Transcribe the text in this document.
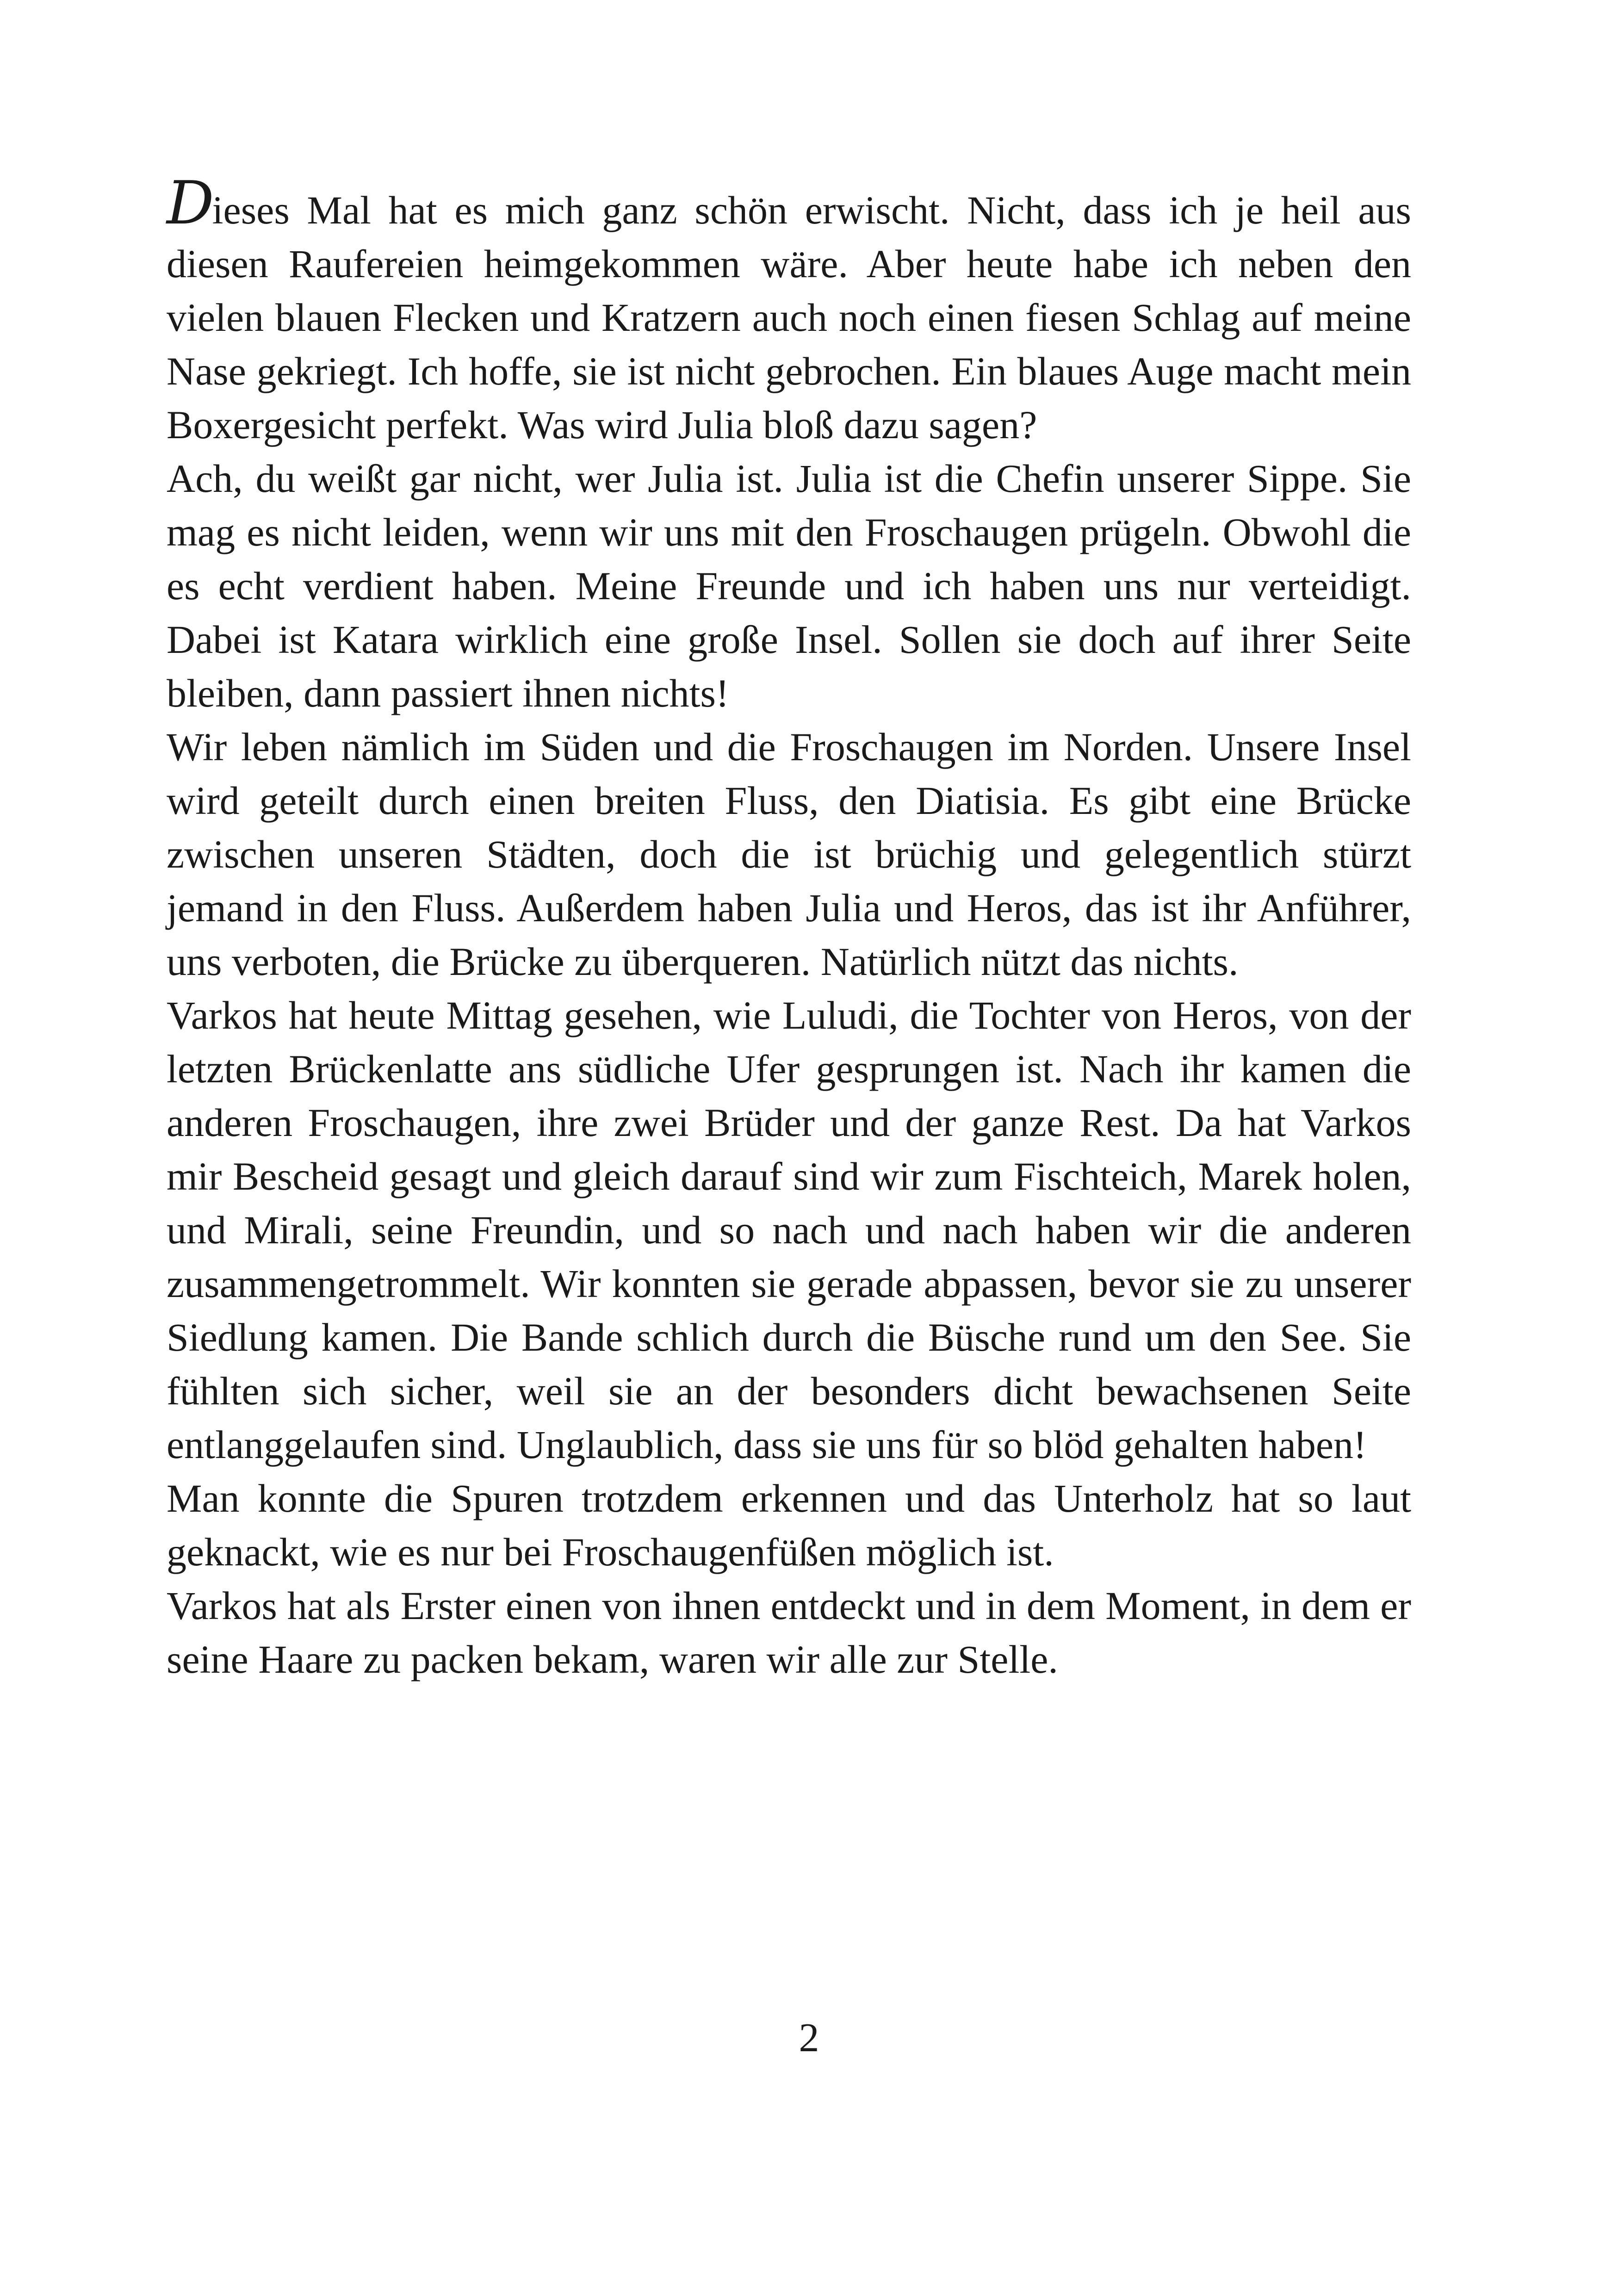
Dieses Mal hat es mich ganz schön erwischt. Nicht, dass ich je heil aus diesen Raufereien heimgekommen wäre. Aber heute habe ich neben den vielen blauen Flecken und Kratzern auch noch einen fiesen Schlag auf meine Nase gekriegt. Ich hoffe, sie ist nicht gebrochen. Ein blaues Auge macht mein Boxergesicht perfekt. Was wird Julia bloß dazu sagen?

Ach, du weißt gar nicht, wer Julia ist. Julia ist die Chefin unserer Sippe. Sie mag es nicht leiden, wenn wir uns mit den Froschaugen prügeln. Obwohl die es echt verdient haben. Meine Freunde und ich haben uns nur verteidigt. Dabei ist Katara wirklich eine große Insel. Sollen sie doch auf ihrer Seite bleiben, dann passiert ihnen nichts!

Wir leben nämlich im Süden und die Froschaugen im Norden. Unsere Insel wird geteilt durch einen breiten Fluss, den Diatisia. Es gibt eine Brücke zwischen unseren Städten, doch die ist brüchig und gelegentlich stürzt jemand in den Fluss. Außerdem haben Julia und Heros, das ist ihr Anführer, uns verboten, die Brücke zu überqueren. Natürlich nützt das nichts.

Varkos hat heute Mittag gesehen, wie Luludi, die Tochter von Heros, von der letzten Brückenlatte ans südliche Ufer gesprungen ist. Nach ihr kamen die anderen Froschaugen, ihre zwei Brüder und der ganze Rest. Da hat Varkos mir Bescheid gesagt und gleich darauf sind wir zum Fischteich, Marek holen, und Mirali, seine Freundin, und so nach und nach haben wir die anderen zusammengetrommelt. Wir konnten sie gerade abpassen, bevor sie zu unserer Siedlung kamen. Die Bande schlich durch die Büsche rund um den See. Sie fühlten sich sicher, weil sie an der besonders dicht bewachsenen Seite entlanggelaufen sind. Unglaublich, dass sie uns für so blöd gehalten haben!

Man konnte die Spuren trotzdem erkennen und das Unterholz hat so laut geknackt, wie es nur bei Froschaugenfüßen möglich ist.

Varkos hat als Erster einen von ihnen entdeckt und in dem Moment, in dem er seine Haare zu packen bekam, waren wir alle zur Stelle.

2
